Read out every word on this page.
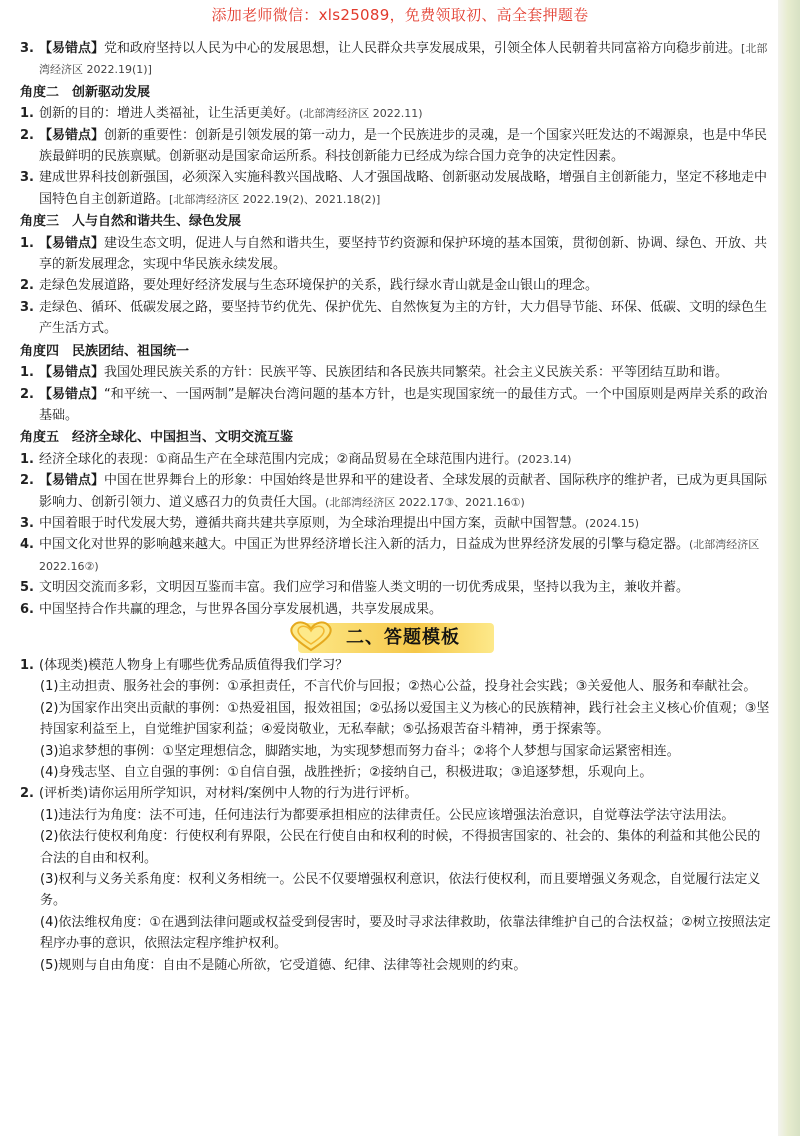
添加老师微信：xls25089，免费领取初、高全套押题卷
3. 【易错点】党和政府坚持以人民为中心的发展思想，让人民群众共享发展成果，引领全体人民朝着共同富裕方向稳步前进。[北部湾经济区 2022.19(1)]
角度二　创新驱动发展
1. 创新的目的：增进人类福祉，让生活更美好。(北部湾经济区 2022.11)
2. 【易错点】创新的重要性：创新是引领发展的第一动力，是一个民族进步的灵魂，是一个国家兴旺发达的不竭源泉，也是中华民族最鲜明的民族禀赋。创新驱动是国家命运所系。科技创新能力已经成为综合国力竞争的决定性因素。
3. 建成世界科技创新强国，必须深入实施科教兴国战略、人才强国战略、创新驱动发展战略，增强自主创新能力，坚定不移地走中国特色自主创新道路。[北部湾经济区 2022.19(2)、2021.18(2)]
角度三　人与自然和谐共生、绿色发展
1. 【易错点】建设生态文明，促进人与自然和谐共生，要坚持节约资源和保护环境的基本国策，贯彻创新、协调、绿色、开放、共享的新发展理念，实现中华民族永续发展。
2. 走绿色发展道路，要处理好经济发展与生态环境保护的关系，践行绿水青山就是金山银山的理念。
3. 走绿色、循环、低碳发展之路，要坚持节约优先、保护优先、自然恢复为主的方针，大力倡导节能、环保、低碳、文明的绿色生产生活方式。
角度四　民族团结、祖国统一
1. 【易错点】我国处理民族关系的方针：民族平等、民族团结和各民族共同繁荣。社会主义民族关系：平等团结互助和谐。
2. 【易错点】“和平统一、一国两制”是解决台湾问题的基本方针，也是实现国家统一的最佳方式。一个中国原则是两岸关系的政治基础。
角度五　经济全球化、中国担当、文明交流互鉴
1. 经济全球化的表现：①商品生产在全球范围内完成；②商品贸易在全球范围内进行。(2023.14)
2. 【易错点】中国在世界舞台上的形象：中国始终是世界和平的建设者、全球发展的贡献者、国际秩序的维护者，已成为更具国际影响力、创新引领力、道义感召力的负责任大国。(北部湾经济区 2022.17③、2021.16①)
3. 中国着眼于时代发展大势，遵循共商共建共享原则，为全球治理提出中国方案，贡献中国智慧。(2024.15)
4. 中国文化对世界的影响越来越大。中国正为世界经济增长注入新的活力，日益成为世界经济发展的引擎与稳定器。(北部湾经济区 2022.16②)
5. 文明因交流而多彩，文明因互鉴而丰富。我们应学习和借鉴人类文明的一切优秀成果，坚持以我为主，兼收并蓄。
6. 中国坚持合作共赢的理念，与世界各国分享发展机遇，共享发展成果。
二、答题模板
1. (体现类)模范人物身上有哪些优秀品质值得我们学习？
(1)主动担责、服务社会的事例：①承担责任，不言代价与回报；②热心公益，投身社会实践；③关爱他人、服务和奉献社会。
(2)为国家作出突出贡献的事例：①热爱祖国，报效祖国；②弘扬以爱国主义为核心的民族精神，践行社会主义核心价值观；③坚持国家利益至上，自觉维护国家利益；④爱岗敬业，无私奉献；⑤弘扬艰苦奋斗精神，勇于探索等。
(3)追求梦想的事例：①坚定理想信念，脚踏实地，为实现梦想而努力奋斗；②将个人梦想与国家命运紧密相连。
(4)身残志坚、自立自强的事例：①自信自强，战胜挫折；②接纳自己，积极进取；③追逐梦想，乐观向上。
2. (评析类)请你运用所学知识，对材料/案例中人物的行为进行评析。
(1)违法行为角度：法不可违，任何违法行为都要承担相应的法律责任。公民应该增强法治意识，自觉尊法学法守法用法。
(2)依法行使权利角度：行使权利有界限，公民在行使自由和权利的时候，不得损害国家的、社会的、集体的利益和其他公民的合法的自由和权利。
(3)权利与义务关系角度：权利义务相统一。公民不仅要增强权利意识，依法行使权利，而且要增强义务观念，自觉履行法定义务。
(4)依法维权角度：①在遇到法律问题或权益受到侵害时，要及时寻求法律救助，依靠法律维护自己的合法权益；②树立按照法定程序办事的意识，依照法定程序维护权利。
(5)规则与自由角度：自由不是随心所欲，它受道德、纪律、法律等社会规则的约束。
